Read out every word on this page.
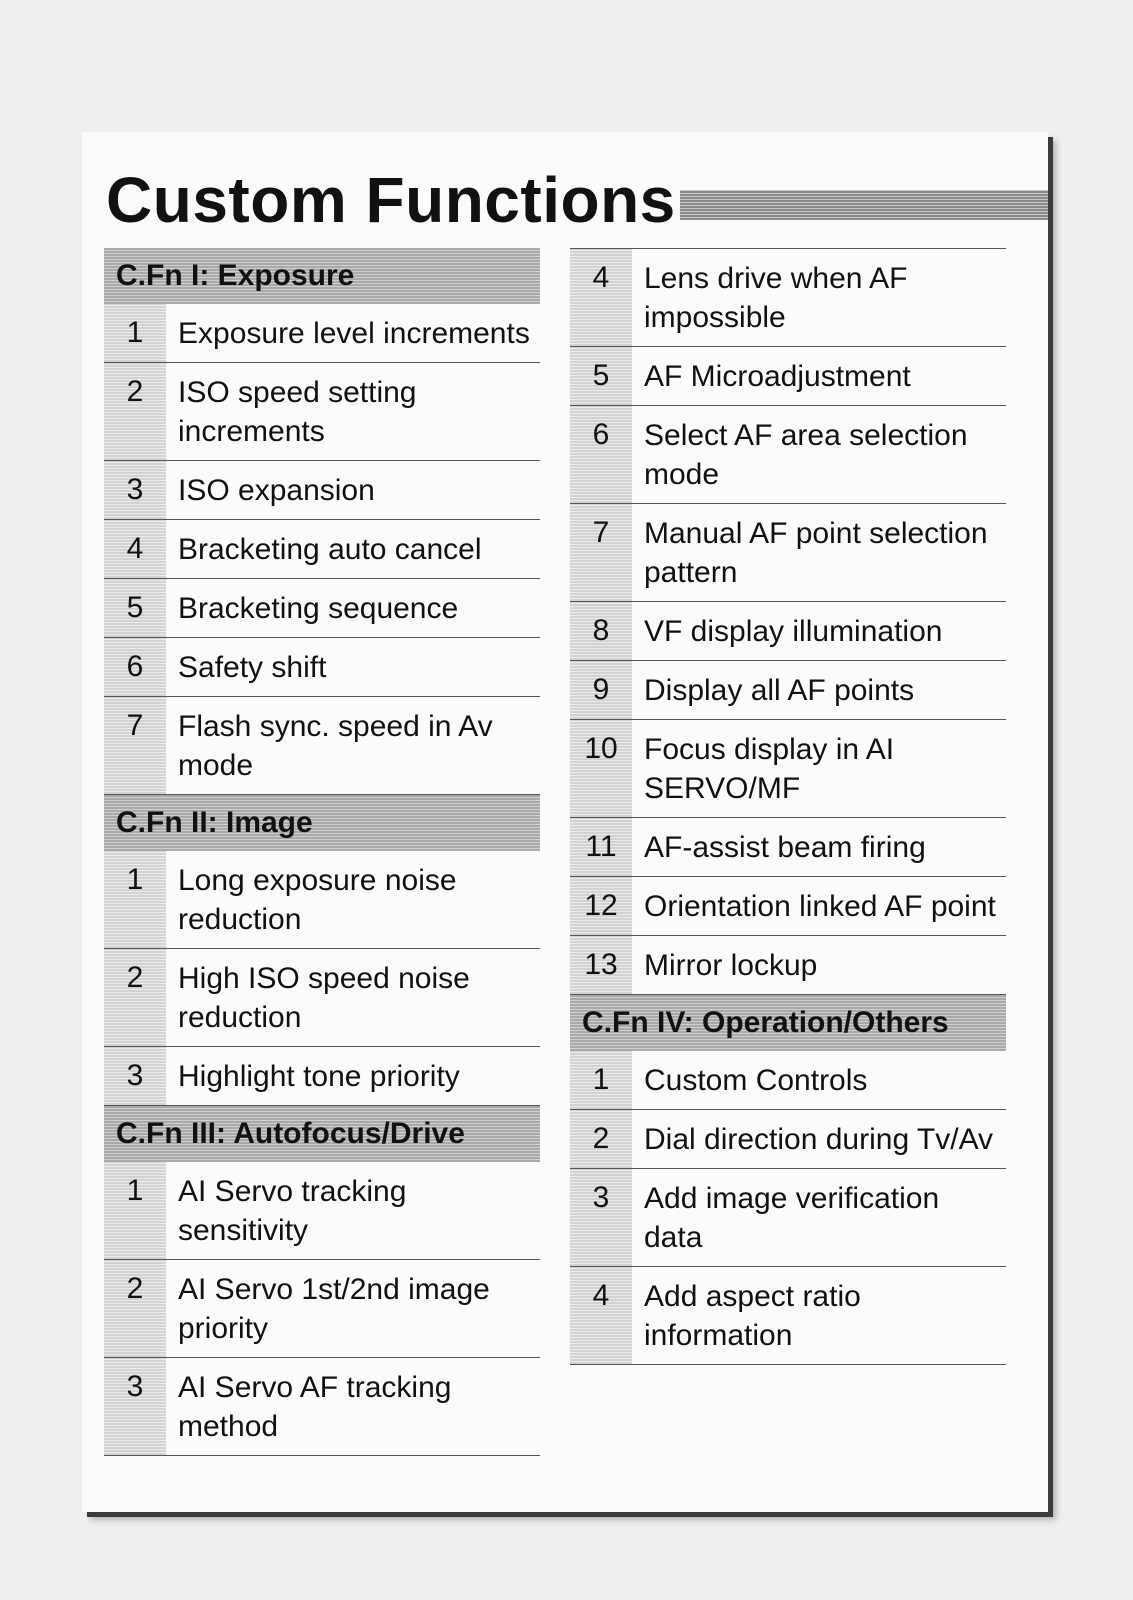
Custom Functions
C.Fn I: Exposure
1	Exposure level increments
2	ISO speed setting increments
3	ISO expansion
4	Bracketing auto cancel
5	Bracketing sequence
6	Safety shift
7	Flash sync. speed in Av mode
C.Fn II: Image
1	Long exposure noise reduction
2	High ISO speed noise reduction
3	Highlight tone priority
C.Fn III: Autofocus/Drive
1	AI Servo tracking sensitivity
2	AI Servo 1st/2nd image priority
3	AI Servo AF tracking method
4	Lens drive when AF impossible
5	AF Microadjustment
6	Select AF area selection mode
7	Manual AF point selection pattern
8	VF display illumination
9	Display all AF points
10 Focus display in AI SERVO/MF
11 AF-assist beam firing
12 Orientation linked AF point
13 Mirror lockup
C.Fn IV: Operation/Others
1	Custom Controls
2	Dial direction during Tv/Av
3	Add image verification data
4	Add aspect ratio information
